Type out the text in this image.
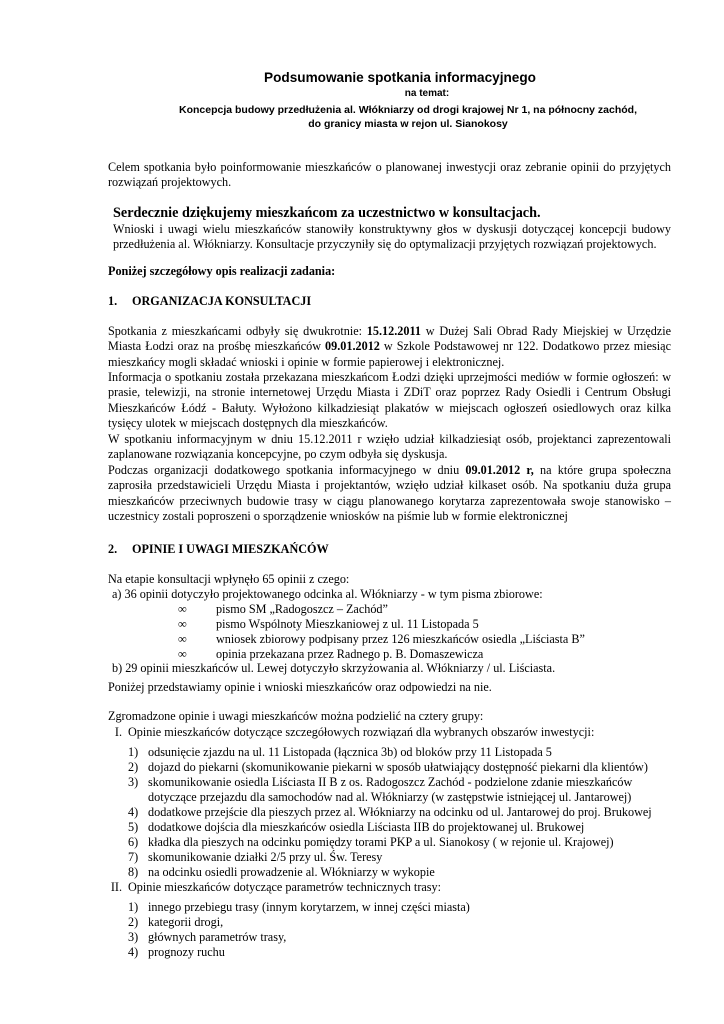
Podsumowanie spotkania informacyjnego
na temat:
Koncepcja budowy przedłużenia al. Włókniarzy od drogi krajowej Nr 1, na północny zachód,
do granicy miasta w rejon ul. Sianokosy

Celem spotkania było poinformowanie mieszkańców o planowanej inwestycji oraz zebranie opinii do przyjętych rozwiązań projektowych.

Serdecznie dziękujemy mieszkańcom za uczestnictwo w konsultacjach.

Wnioski i uwagi wielu mieszkańców stanowiły konstruktywny głos w dyskusji dotyczącej koncepcji budowy przedłużenia al. Włókniarzy. Konsultacje przyczyniły się do optymalizacji przyjętych rozwiązań projektowych.

Poniżej szczegółowy opis realizacji zadania:
1. ORGANIZACJA KONSULTACJI

Spotkania z mieszkańcami odbyły się dwukrotnie: 15.12.2011 w Dużej Sali Obrad Rady Miejskiej w Urzędzie Miasta Łodzi oraz na prośbę mieszkańców 09.01.2012 w Szkole Podstawowej nr 122. Dodatkowo przez miesiąc mieszkańcy mogli składać wnioski i opinie w formie papierowej i elektronicznej.

Informacja o spotkaniu została przekazana mieszkańcom Łodzi dzięki uprzejmości mediów w formie ogłoszeń: w prasie, telewizji, na stronie internetowej Urzędu Miasta i ZDiT oraz poprzez Rady Osiedli i Centrum Obsługi Mieszkańców Łódź - Bałuty. Wyłożono kilkadziesiąt plakatów w miejscach ogłoszeń osiedlowych oraz kilka tysięcy ulotek w miejscach dostępnych dla mieszkańców.

W spotkaniu informacyjnym w dniu 15.12.2011 r wzięło udział kilkadziesiąt osób, projektanci zaprezentowali zaplanowane rozwiązania koncepcyjne, po czym odbyła się dyskusja.

Podczas organizacji dodatkowego spotkania informacyjnego w dniu 09.01.2012 r, na które grupa społeczna zaprosiła przedstawicieli Urzędu Miasta i projektantów, wzięło udział kilkaset osób. Na spotkaniu duża grupa mieszkańców przeciwnych budowie trasy w ciągu planowanego korytarza zaprezentowała swoje stanowisko – uczestnicy zostali poproszeni o sporządzenie wniosków na piśmie lub w formie elektronicznej

2. OPINIE I UWAGI MIESZKAŃCÓW
Na etapie konsultacji wpłynęło 65 opinii z czego:
a) 36 opinii dotyczyło projektowanego odcinka al. Włókniarzy - w tym pisma zbiorowe:
∞ pismo SM „Radogoszcz – Zachód”
∞ pismo Wspólnoty Mieszkaniowej z ul. 11 Listopada 5
∞ wniosek zbiorowy podpisany przez 126 mieszkańców osiedla „Liściasta B”
∞ opinia przekazana przez Radnego p. B. Domaszewicza
b) 29 opinii mieszkańców ul. Lewej dotyczyło skrzyżowania al. Włókniarzy / ul. Liściasta.
Poniżej przedstawiamy opinie i wnioski mieszkańców oraz odpowiedzi na nie.
Zgromadzone opinie i uwagi mieszkańców można podzielić na cztery grupy:
I. Opinie mieszkańców dotyczące szczegółowych rozwiązań dla wybranych obszarów inwestycji:
1) odsunięcie zjazdu na ul. 11 Listopada (łącznica 3b) od bloków przy 11 Listopada 5
2) dojazd do piekarni (skomunikowanie piekarni w sposób ułatwiający dostępność piekarni dla klientów)
3) skomunikowanie osiedla Liściasta II B z os. Radogoszcz Zachód - podzielone zdanie mieszkańców
dotyczące przejazdu dla samochodów nad al. Włókniarzy (w zastępstwie istniejącej ul. Jantarowej)
4) dodatkowe przejście dla pieszych przez al. Włókniarzy na odcinku od ul. Jantarowej do proj. Brukowej
5) dodatkowe dojścia dla mieszkańców osiedla Liściasta IIB do projektowanej ul. Brukowej
6) kładka dla pieszych na odcinku pomiędzy torami PKP a ul. Sianokosy ( w rejonie ul. Krajowej)
7) skomunikowanie działki 2/5 przy ul. Św. Teresy
8) na odcinku osiedli prowadzenie al. Włókniarzy w wykopie
II. Opinie mieszkańców dotyczące parametrów technicznych trasy:
1) innego przebiegu trasy (innym korytarzem, w innej części miasta)
2) kategorii drogi,
3) głównych parametrów trasy,
4) prognozy ruchu
